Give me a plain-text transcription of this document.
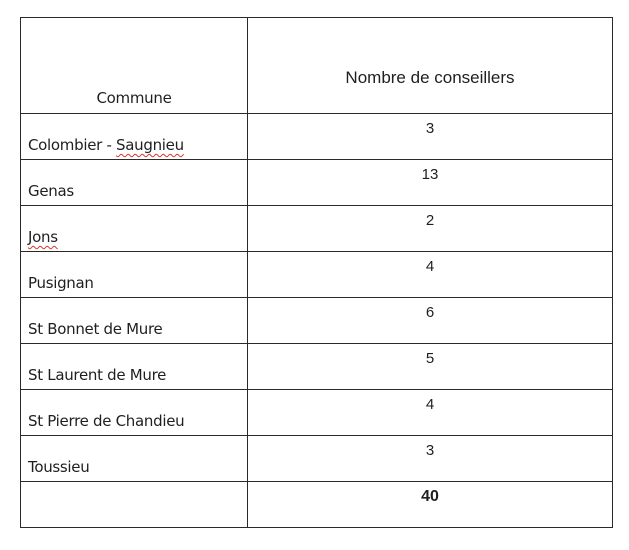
Commune	Nombre de conseillers

Colombier - Saugnieu	3

Genas	13

Jons	2

Pusignan	4

St Bonnet de Mure	6

St Laurent de Mure	5

St Pierre de Chandieu	4

Toussieu	3

	40
